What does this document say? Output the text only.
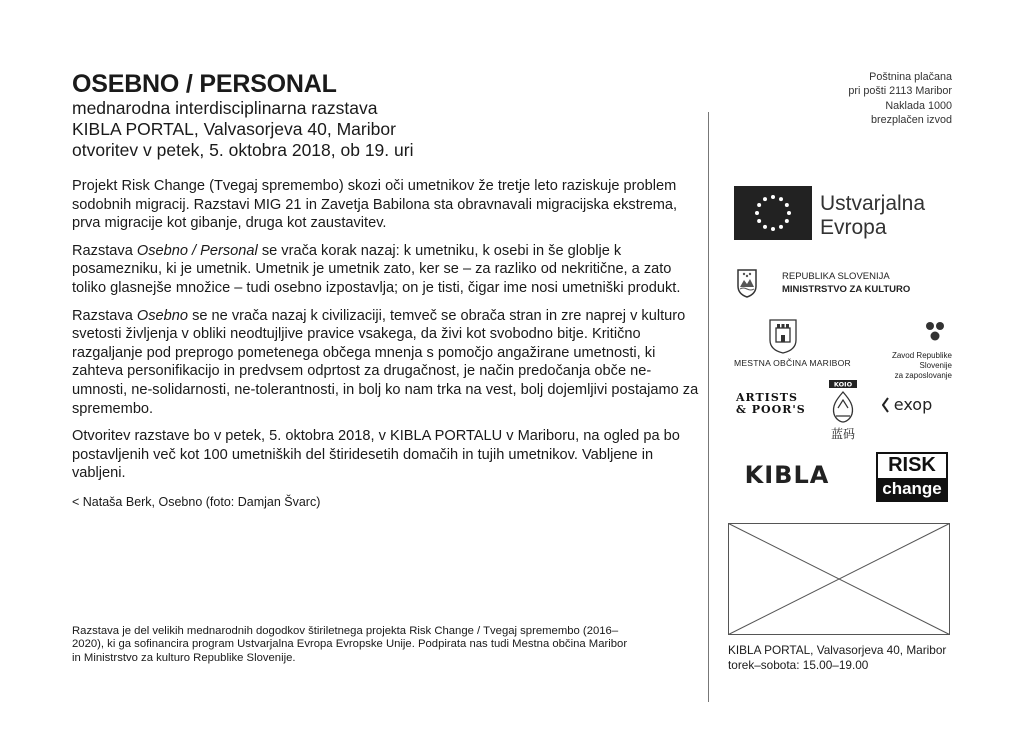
OSEBNO / PERSONAL
mednarodna interdisciplinarna razstava
KIBLA PORTAL, Valvasorjeva 40, Maribor
otvoritev v petek, 5. oktobra 2018, ob 19. uri

Projekt Risk Change (Tvegaj spremembo) skozi oči umetnikov že tretje leto raziskuje problem sodobnih migracij. Razstavi MIG 21 in Zavetja Babilona sta obravnavali migracijska ekstrema, prva migracije kot gibanje, druga kot zaustavitev.

Razstava Osebno / Personal se vrača korak nazaj: k umetniku, k osebi in še globlje k posamezniku, ki je umetnik. Umetnik je umetnik zato, ker se – za razliko od nekritične, a zato toliko glasnejše množice – tudi osebno izpostavlja; on je tisti, čigar ime nosi umetniški produkt.

Razstava Osebno se ne vrača nazaj k civilizaciji, temveč se obrača stran in zre naprej v kulturo svetosti življenja v obliki neodtujljive pravice vsakega, da živi kot svobodno bitje. Kritično razgaljanje pod preprogo pometenega občega mnenja s pomočjo angažirane umetnosti, ki zahteva personifikacijo in predvsem odprtost za drugačnost, je način predočanja obče ne-umnosti, ne-solidarnosti, ne-tolerantnosti, in bolj ko nam trka na vest, bolj dojemljivi postajamo za spremembo.

Otvoritev razstave bo v petek, 5. oktobra 2018, v KIBLA PORTALU v Mariboru, na ogled pa bo postavljenih več kot 100 umetniških del štiridesetih domačih in tujih umetnikov. Vabljene in vabljeni.

< Nataša Berk, Osebno (foto: Damjan Švarc)
Razstava je del velikih mednarodnih dogodkov štiriletnega projekta Risk Change / Tvegaj spremembo (2016–2020), ki ga sofinancira program Ustvarjalna Evropa Evropske Unije. Podpirata nas tudi Mestna občina Maribor in Ministrstvo za kulturo Republike Slovenije.
Poštnina plačana
pri pošti 2113 Maribor
Naklada 1000
brezplačen izvod
Ustvarjalna
Evropa
REPUBLIKA SLOVENIJA
MINISTRSTVO ZA KULTURO
MESTNA OBČINA MARIBOR
Zavod Republike Slovenije
za zaposlovanje
ARTISTS
& POOR'S
KOIO
蓝码
exop
KIBLA	RISK
change
KIBLA PORTAL, Valvasorjeva 40, Maribor
torek–sobota: 15.00–19.00
